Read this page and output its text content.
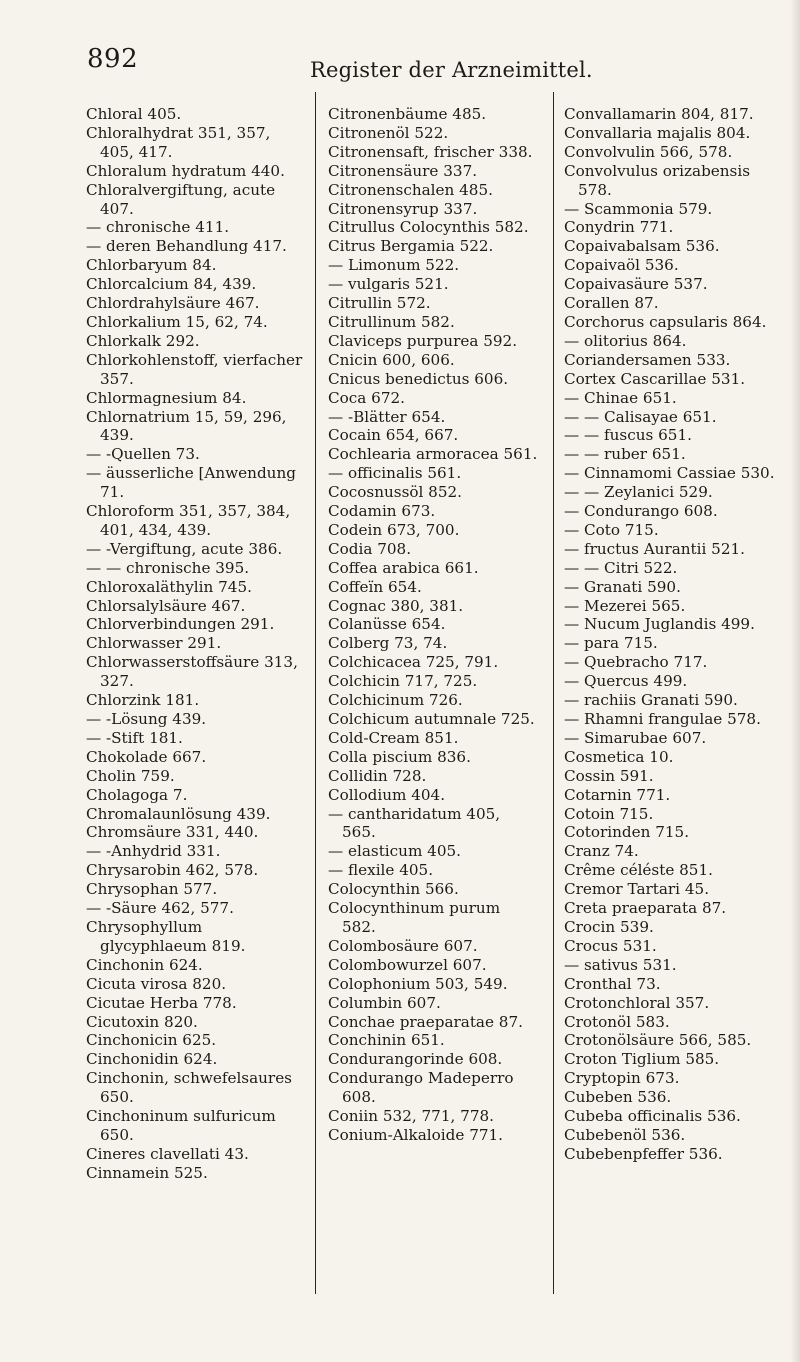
892	Register der Arzneimittel.

Chloral 405.

Chloralhydrat 351, 357, 405, 417.

Chloralum hydratum 440.

Chloralvergiftung, acute 407.

— chronische 411.

— deren Behandlung 417.

Chlorbaryum 84.

Chlorcalcium 84, 439.

Chlordrahylsäure 467.

Chlorkalium 15, 62, 74.

Chlorkalk 292.

Chlorkohlenstoff, vierfacher 357.

Chlormagnesium 84.

Chlornatrium 15, 59, 296, 439.

— -Quellen 73.

— äusserliche [Anwendung 71.

Chloroform 351, 357, 384, 401, 434, 439.

— -Vergiftung, acute 386.

— — chronische 395.

Chloroxaläthylin 745.

Chlorsalylsäure 467.

Chlorverbindungen 291.

Chlorwasser 291.

Chlorwasserstoffsäure 313, 327.

Chlorzink 181.

— -Lösung 439.

— -Stift 181.

Chokolade 667.

Cholin 759.

Cholagoga 7.

Chromalaunlösung 439.

Chromsäure 331, 440.

— -Anhydrid 331.

Chrysarobin 462, 578.

Chrysophan 577.

— -Säure 462, 577.

Chrysophyllum glycyphlaeum 819.

Cinchonin 624.

Cicuta virosa 820.

Cicutae Herba 778.

Cicutoxin 820.

Cinchonicin 625.

Cinchonidin 624.

Cinchonin, schwefelsaures 650.

Cinchoninum sulfuricum 650.

Cineres clavellati 43.

Cinnamein 525.

Citronenbäume 485.

Citronenöl 522.

Citronensaft, frischer 338.

Citronensäure 337.

Citronenschalen 485.

Citronensyrup 337.

Citrullus Colocynthis 582.

Citrus Bergamia 522.

— Limonum 522.

— vulgaris 521.

Citrullin 572.

Citrullinum 582.

Claviceps purpurea 592.

Cnicin 600, 606.

Cnicus benedictus 606.

Coca 672.

— -Blätter 654.

Cocain 654, 667.

Cochlearia armoracea 561.

— officinalis 561.

Cocosnussöl 852.

Codamin 673.

Codein 673, 700.

Codia 708.

Coffea arabica 661.

Coffeïn 654.

Cognac 380, 381.

Colanüsse 654.

Colberg 73, 74.

Colchicacea 725, 791.

Colchicin 717, 725.

Colchicinum 726.

Colchicum autumnale 725.

Cold-Cream 851.

Colla piscium 836.

Collidin 728.

Collodium 404.

— cantharidatum 405, 565.

— elasticum 405.

— flexile 405.

Colocynthin 566.

Colocynthinum purum 582.

Colombosäure 607.

Colombowurzel 607.

Colophonium 503, 549.

Columbin 607.

Conchae praeparatae 87.

Conchinin 651.

Condurangorinde 608.

Condurango Madeperro 608.

Coniin 532, 771, 778.

Conium-Alkaloide 771.

Convallamarin 804, 817.

Convallaria majalis 804.

Convolvulin 566, 578.

Convolvulus orizabensis 578.

— Scammonia 579.

Conydrin 771.

Copaivabalsam 536.

Copaivaöl 536.

Copaivasäure 537.

Corallen 87.

Corchorus capsularis 864.

— olitorius 864.

Coriandersamen 533.

Cortex Cascarillae 531.

— Chinae 651.

— — Calisayae 651.

— — fuscus 651.

— — ruber 651.

— Cinnamomi Cassiae 530.

— — Zeylanici 529.

— Condurango 608.

— Coto 715.

— fructus Aurantii 521.

— — Citri 522.

— Granati 590.

— Mezerei 565.

— Nucum Juglandis 499.

— para 715.

— Quebracho 717.

— Quercus 499.

— rachiis Granati 590.

— Rhamni frangulae 578.

— Simarubae 607.

Cosmetica 10.

Cossin 591.

Cotarnin 771.

Cotoin 715.

Cotorinden 715.

Cranz 74.

Crême céléste 851.

Cremor Tartari 45.

Creta praeparata 87.

Crocin 539.

Crocus 531.

— sativus 531.

Cronthal 73.

Crotonchloral 357.

Crotonöl 583.

Crotonölsäure 566, 585.

Croton Tiglium 585.

Cryptopin 673.

Cubeben 536.

Cubeba officinalis 536.

Cubebenöl 536.

Cubebenpfeffer 536.
